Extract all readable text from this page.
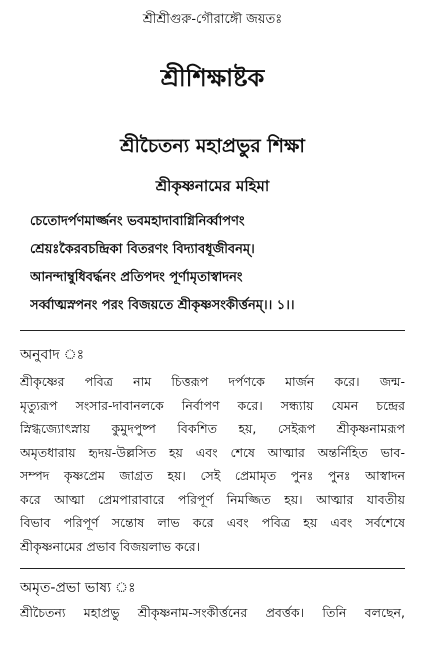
শ্রীশ্রীগুরু-গৌরাঙ্গৌ জয়তঃ
শ্রীশিক্ষাষ্টক
শ্রীচৈতন্য মহাপ্রভুর শিক্ষা
শ্রীকৃষ্ণনামের মহিমা
চেতোদর্পণমার্জ্জনং ভবমহাদাবাগ্নিনির্ব্বাপণং
শ্রেয়ঃকৈরবচন্দ্রিকা বিতরণং বিদ্যাবধূজীবনম্।
আনন্দাম্বুধিবর্দ্ধনং প্রতিপদং পূর্ণামৃতাস্বাদনং
সর্ব্বাত্মস্নপনং পরং বিজয়তে শ্রীকৃষ্ণসংকীর্ত্তনম্।। ১।।
অনুবাদ ঃ
শ্রীকৃষ্ণের পবিত্র নাম চিত্তরূপ দর্পণকে মার্জন করে। জন্ম-
মৃত্যুরূপ সংসার-দাবানলকে নির্বাপণ করে। সন্ধ্যায় যেমন চন্দ্রের
স্নিগ্ধজ্যোৎস্নায় কুমুদপুষ্প বিকশিত হয়, সেইরূপ শ্রীকৃষ্ণনামরূপ
অমৃতধারায় হৃদয়-উল্লসিত হয় এবং শেষে আত্মার অন্তর্নিহিত ভাব-
সম্পদ কৃষ্ণপ্রেম জাগ্রত হয়। সেই প্রেমামৃত পুনঃ পুনঃ আস্বাদন
করে আত্মা প্রেমপারাবারে পরিপূর্ণ নিমজ্জিত হয়। আত্মার যাবতীয়
বিভাব পরিপূর্ণ সন্তোষ লাভ করে এবং পবিত্র হয় এবং সর্বশেষে
শ্রীকৃষ্ণনামের প্রভাব বিজয়লাভ করে।
অমৃত-প্রভা ভাষ্য ঃ
শ্রীচৈতন্য মহাপ্রভু শ্রীকৃষ্ণনাম-সংকীর্ত্তনের প্রবর্ত্তক। তিনি বলছেন,
